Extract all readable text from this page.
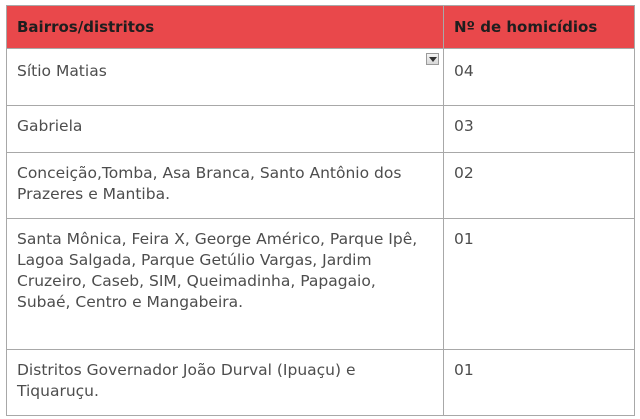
Bairros/distritos	Nº de homicídios
Sítio Matias	04
Gabriela	03
Conceição,Tomba, Asa Branca, Santo Antônio dos Prazeres e Mantiba.	02
Santa Mônica, Feira X, George Américo, Parque Ipê, Lagoa Salgada, Parque Getúlio Vargas, Jardim Cruzeiro, Caseb, SIM, Queimadinha, Papagaio, Subaé, Centro e Mangabeira.	01
Distritos Governador João Durval (Ipuaçu) e Tiquaruçu.	01
